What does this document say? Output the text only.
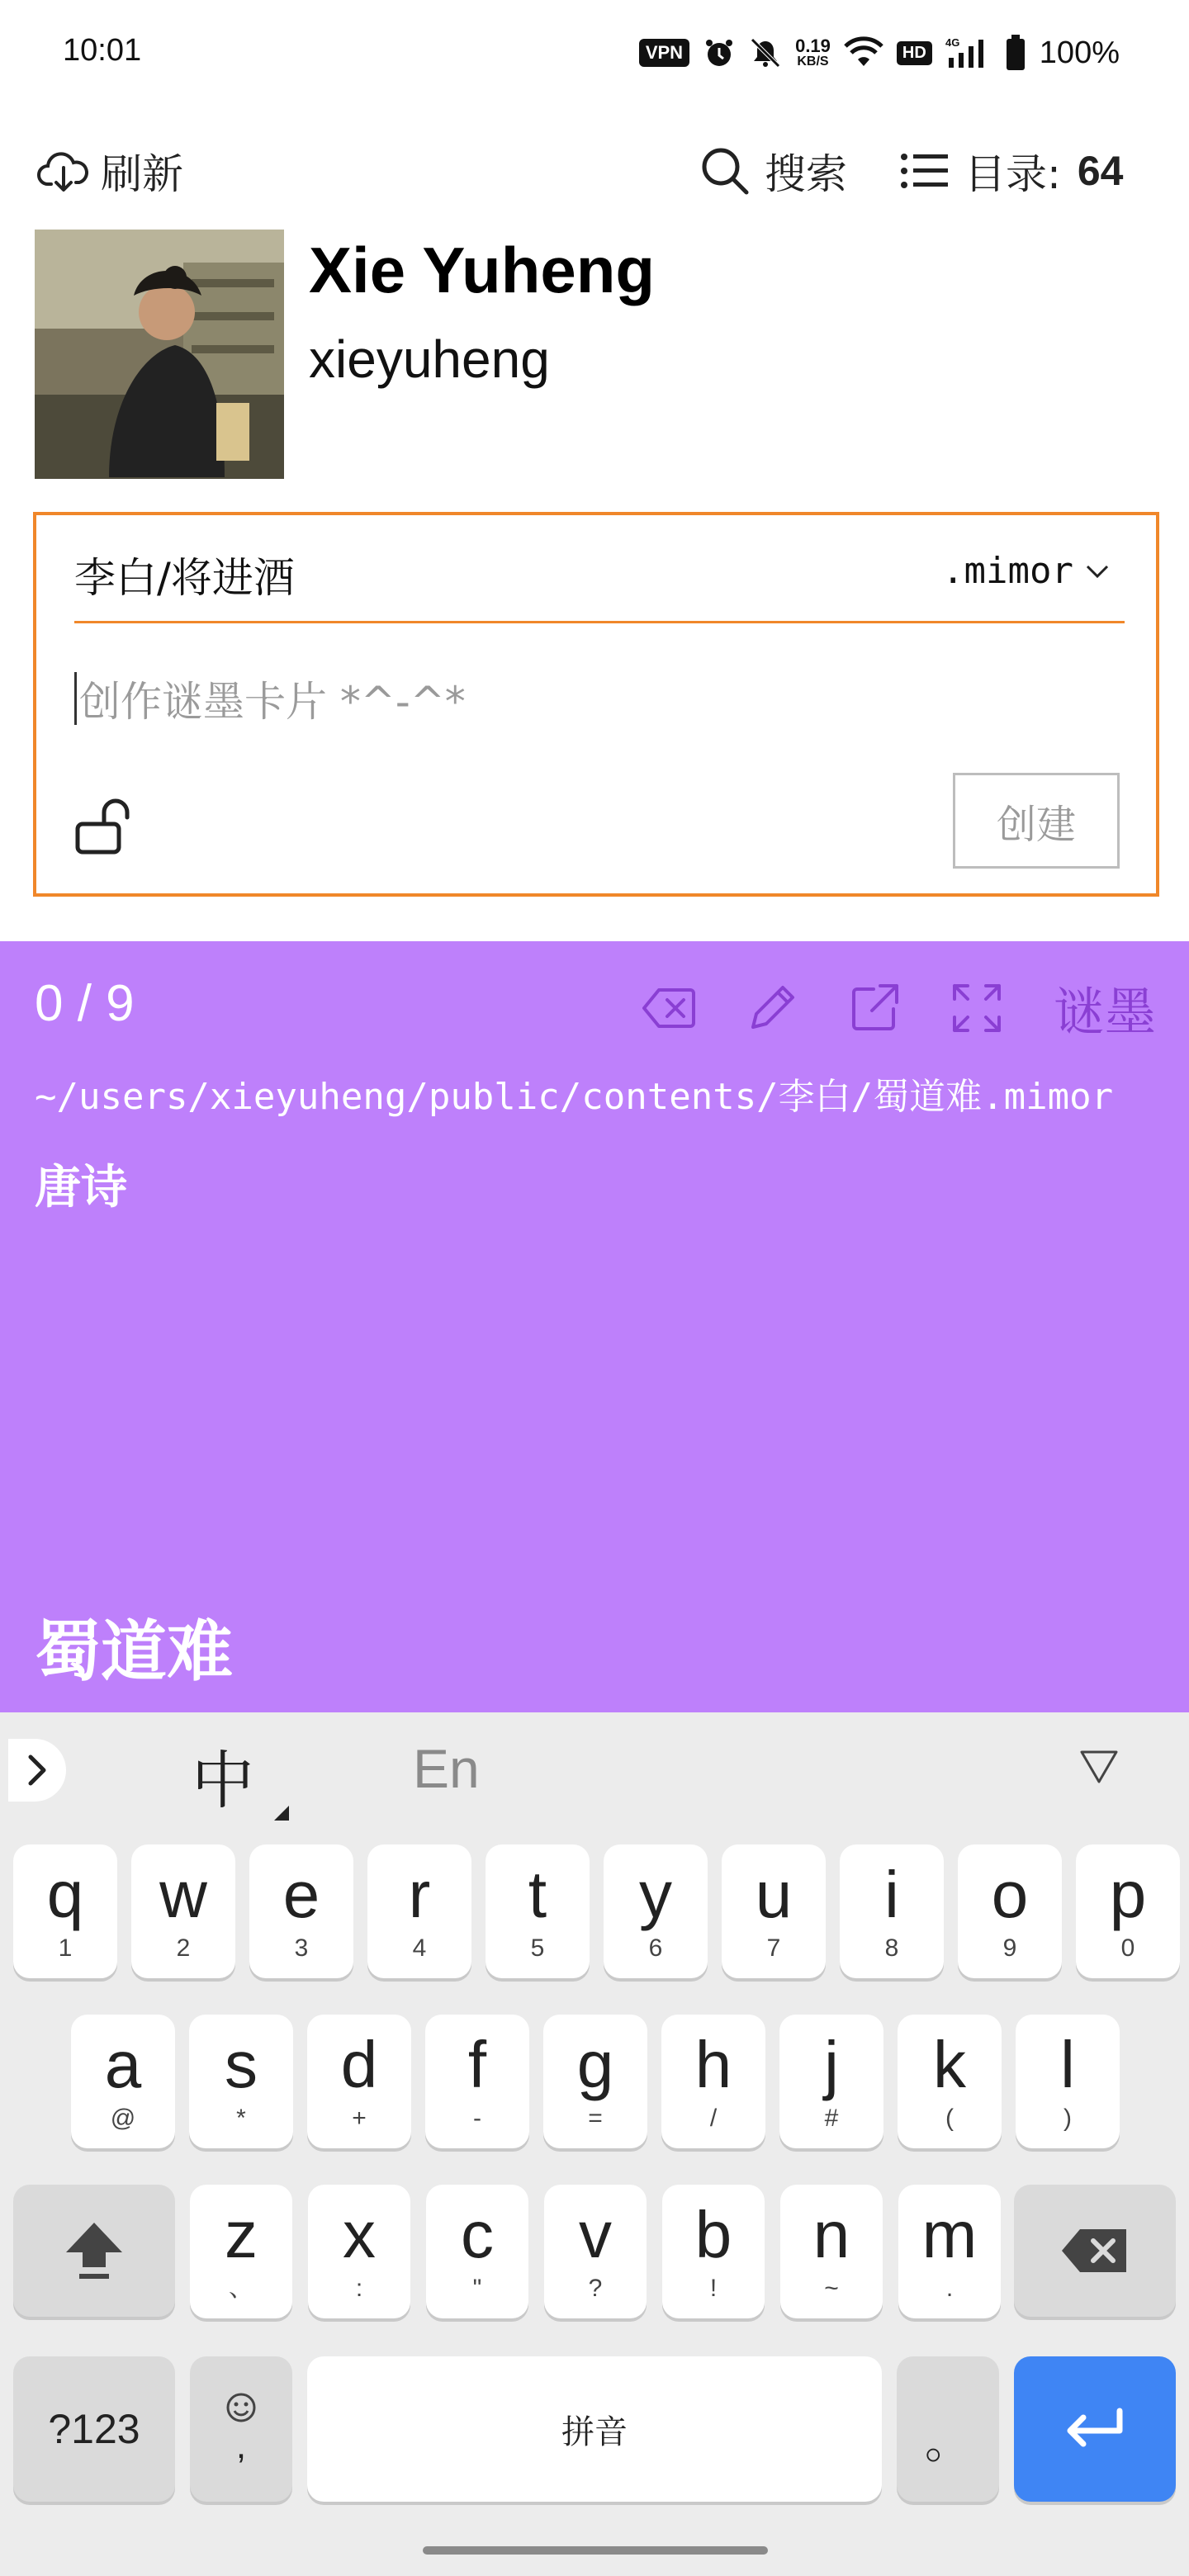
10:01	VPN	0.19
KB/S	HD
4G	100%
刷新	搜索	目录: 64
Xie Yuheng
xieyuheng
李白/将进酒	.mimor
创作谜墨卡片 *^-^*
创建
0 / 9	谜墨
~/users/xieyuheng/public/contents/李白/蜀道难.mimor
唐诗
蜀道难
中	En
q
1
w
2
e
3
r
4
t
5
y
6
u
7
i
8
o
9
p
0
a
@
s
*
d
+
f
-
g
=
h
/
j
#
k
(
l
)
z
、
x
:
c
"
v
?
b
!
n
~
m
.
?123	,	拼音	。
